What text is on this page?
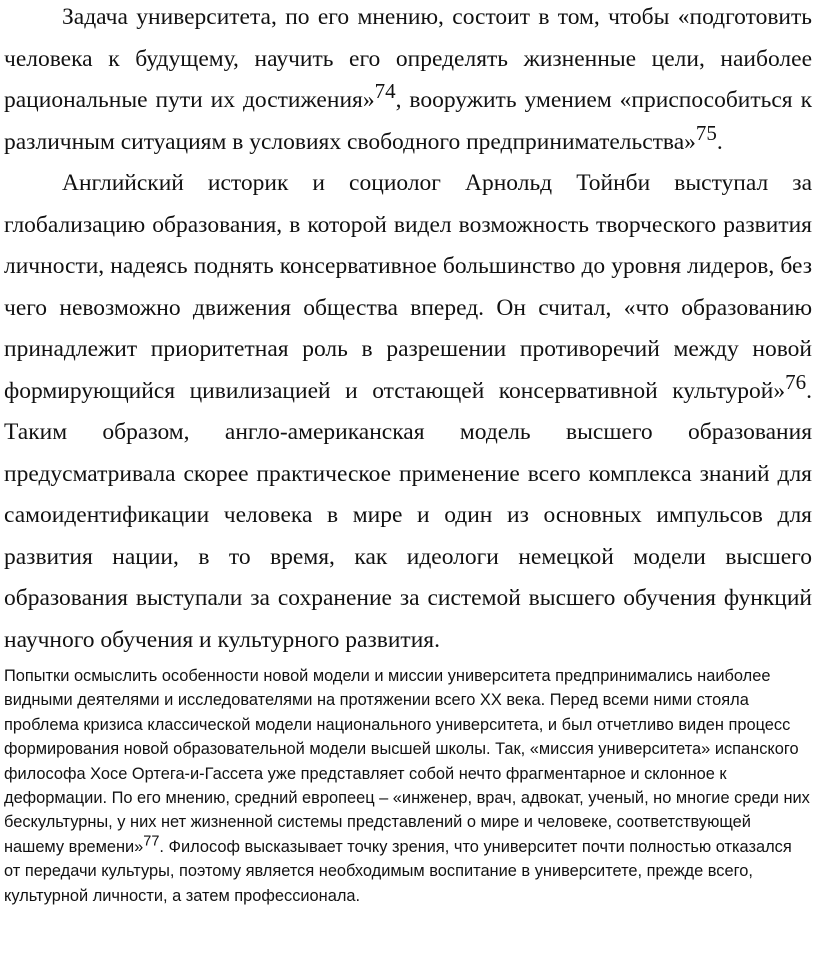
Задача университета, по его мнению, состоит в том, чтобы «подготовить человека к будущему, научить его определять жизненные цели, наиболее рациональные пути их достижения»74, вооружить умением «приспособиться к различным ситуациям в условиях свободного предпринимательства»75.

Английский историк и социолог Арнольд Тойнби выступал за глобализацию образования, в которой видел возможность творческого развития личности, надеясь поднять консервативное большинство до уровня лидеров, без чего невозможно движения общества вперед. Он считал, «что образованию принадлежит приоритетная роль в разрешении противоречий между новой формирующийся цивилизацией и отстающей консервативной культурой»76. Таким образом, англо-американская модель высшего образования предусматривала скорее практическое применение всего комплекса знаний для самоидентификации человека в мире и один из основных импульсов для развития нации, в то время, как идеологи немецкой модели высшего образования выступали за сохранение за системой высшего обучения функций научного обучения и культурного развития.

Попытки осмыслить особенности новой модели и миссии университета предпринимались наиболее видными деятелями и исследователями на протяжении всего XX века. Перед всеми ними стояла проблема кризиса классической модели национального университета, и был отчетливо виден процесс формирования новой образовательной модели высшей школы. Так, «миссия университета» испанского философа Хосе Ортега-и-Гассета уже представляет собой нечто фрагментарное и склонное к деформации. По его мнению, средний европеец – «инженер, врач, адвокат, ученый, но многие среди них бескультурны, у них нет жизненной системы представлений о мире и человеке, соответствующей нашему времени»77. Философ высказывает точку зрения, что университет почти полностью отказался от передачи культуры, поэтому является необходимым воспитание в университете, прежде всего, культурной личности, а затем профессионала.
